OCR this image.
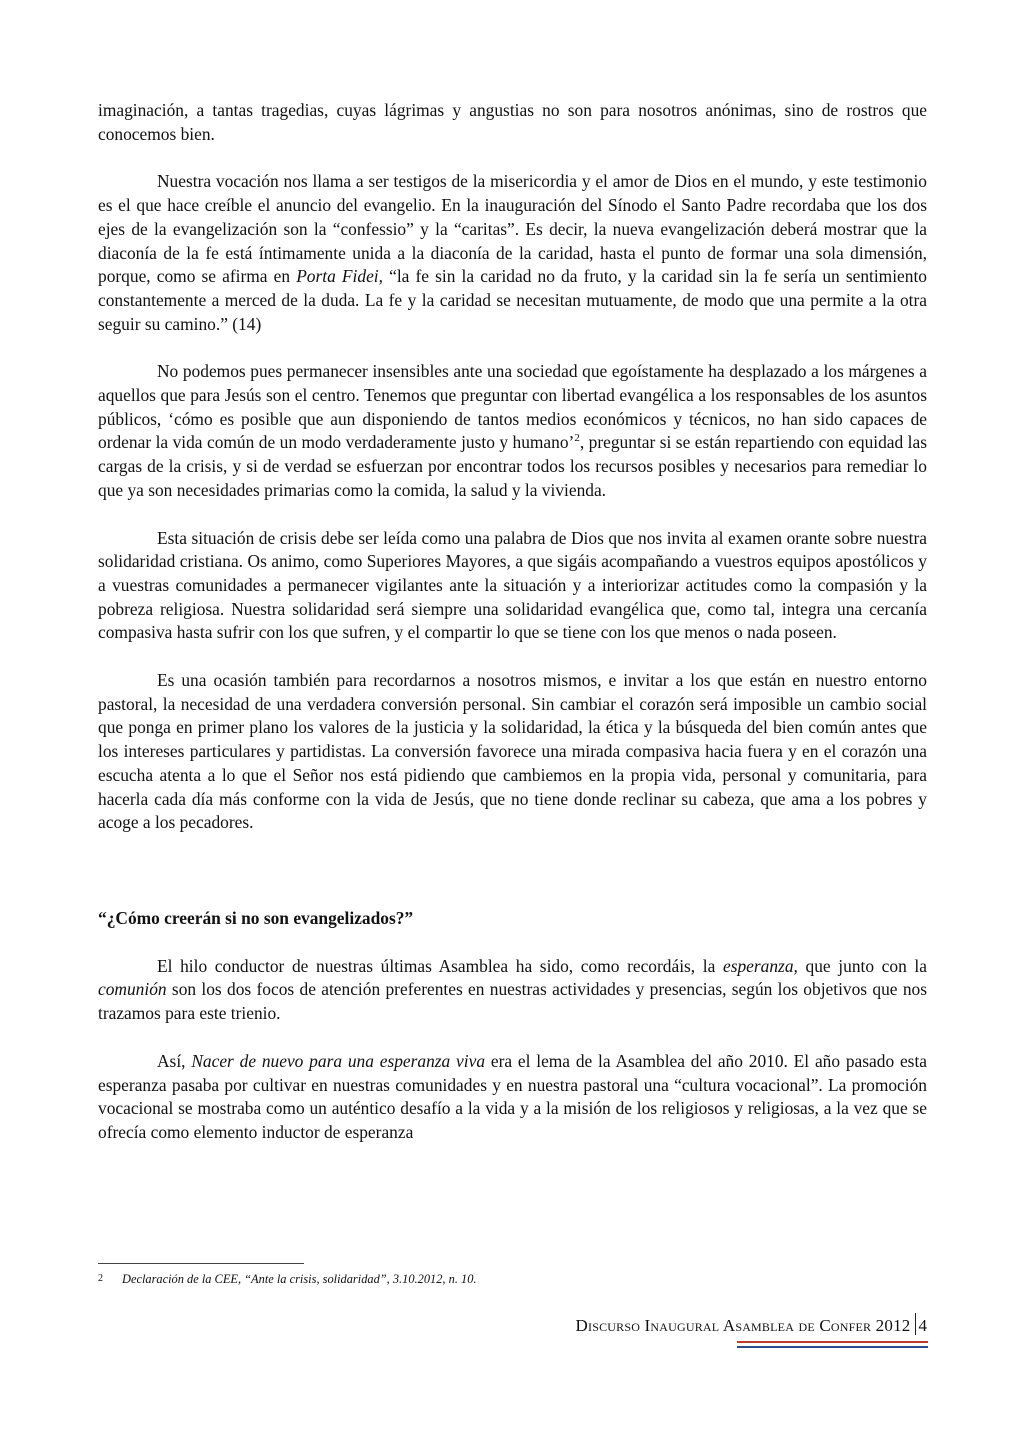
imaginación, a tantas tragedias, cuyas lágrimas y angustias no son para nosotros anónimas, sino de rostros que conocemos bien.

Nuestra vocación nos llama a ser testigos de la misericordia y el amor de Dios en el mundo, y este testimonio es el que hace creíble el anuncio del evangelio. En la inauguración del Sínodo el Santo Padre recordaba que los dos ejes de la evangelización son la “confessio” y la “caritas”. Es decir, la nueva evangelización deberá mostrar que la diaconía de la fe está íntimamente unida a la diaconía de la caridad, hasta el punto de formar una sola dimensión, porque, como se afirma en Porta Fidei, “la fe sin la caridad no da fruto, y la caridad sin la fe sería un sentimiento constantemente a merced de la duda. La fe y la caridad se necesitan mutuamente, de modo que una permite a la otra seguir su camino.” (14)

No podemos pues permanecer insensibles ante una sociedad que egoístamente ha desplazado a los márgenes a aquellos que para Jesús son el centro. Tenemos que preguntar con libertad evangélica a los responsables de los asuntos públicos, ‘cómo es posible que aun disponiendo de tantos medios económicos y técnicos, no han sido capaces de ordenar la vida común de un modo verdaderamente justo y humano’$^2$, preguntar si se están repartiendo con equidad las cargas de la crisis, y si de verdad se esfuerzan por encontrar todos los recursos posibles y necesarios para remediar lo que ya son necesidades primarias como la comida, la salud y la vivienda.

Esta situación de crisis debe ser leída como una palabra de Dios que nos invita al examen orante sobre nuestra solidaridad cristiana. Os animo, como Superiores Mayores, a que sigáis acompañando a vuestros equipos apostólicos y a vuestras comunidades a permanecer vigilantes ante la situación y a interiorizar actitudes como la compasión y la pobreza religiosa. Nuestra solidaridad será siempre una solidaridad evangélica que, como tal, integra una cercanía compasiva hasta sufrir con los que sufren, y el compartir lo que se tiene con los que menos o nada poseen.

Es una ocasión también para recordarnos a nosotros mismos, e invitar a los que están en nuestro entorno pastoral, la necesidad de una verdadera conversión personal. Sin cambiar el corazón será imposible un cambio social que ponga en primer plano los valores de la justicia y la solidaridad, la ética y la búsqueda del bien común antes que los intereses particulares y partidistas. La conversión favorece una mirada compasiva hacia fuera y en el corazón una escucha atenta a lo que el Señor nos está pidiendo que cambiemos en la propia vida, personal y comunitaria, para hacerla cada día más conforme con la vida de Jesús, que no tiene donde reclinar su cabeza, que ama a los pobres y acoge a los pecadores.

“¿Cómo creerán si no son evangelizados?”

El hilo conductor de nuestras últimas Asamblea ha sido, como recordáis, la esperanza, que junto con la comunión son los dos focos de atención preferentes en nuestras actividades y presencias, según los objetivos que nos trazamos para este trienio.

Así, Nacer de nuevo para una esperanza viva era el lema de la Asamblea del año 2010. El año pasado esta esperanza pasaba por cultivar en nuestras comunidades y en nuestra pastoral una “cultura vocacional”. La promoción vocacional se mostraba como un auténtico desafío a la vida y a la misión de los religiosos y religiosas, a la vez que se ofrecía como elemento inductor de esperanza

2 Declaración de la CEE, “Ante la crisis, solidaridad”, 3.10.2012, n. 10.
Discurso Inaugural Asamblea de Confer 2012 4
